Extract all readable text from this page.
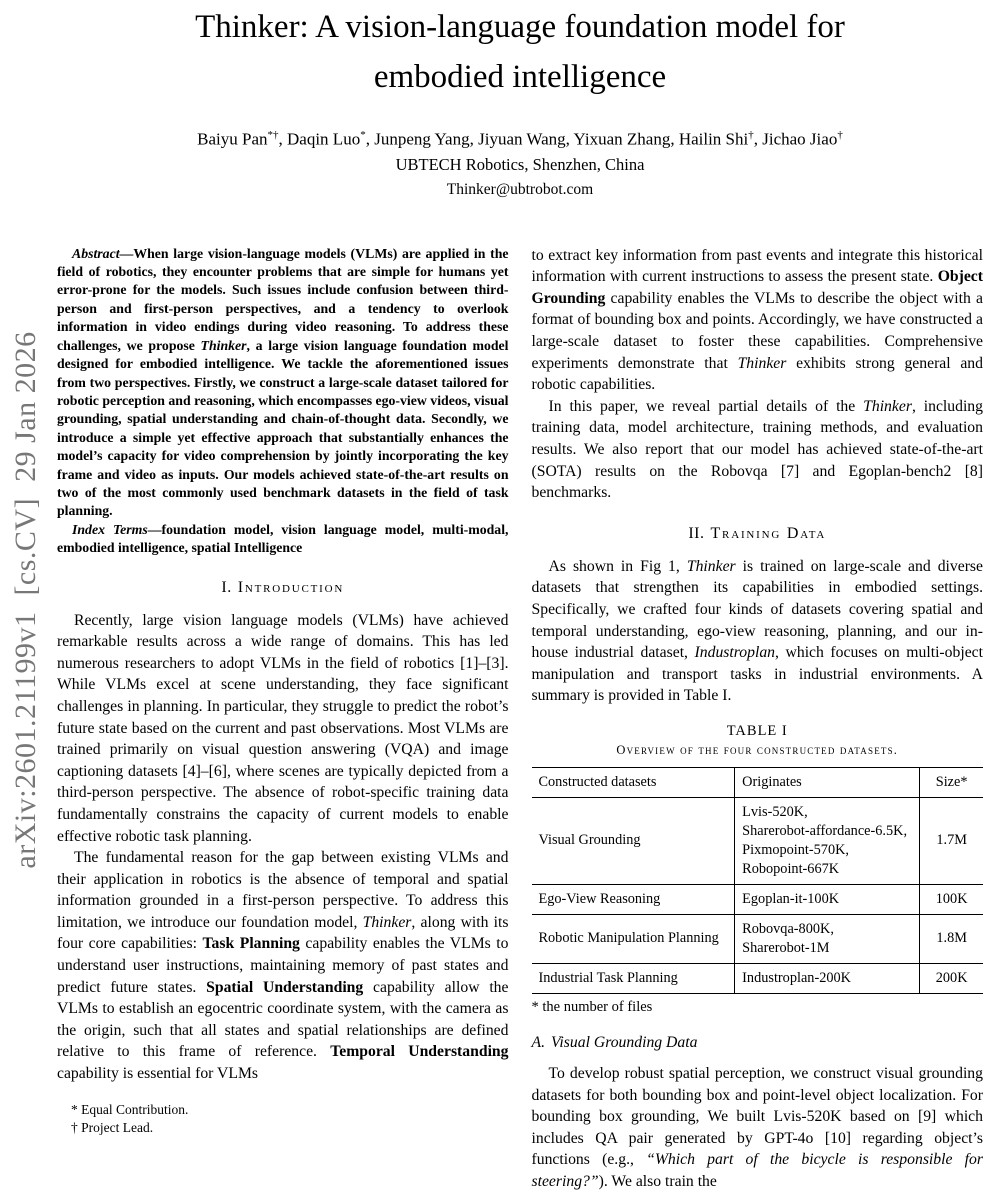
arXiv:2601.21199v1  [cs.CV]  29 Jan 2026
Thinker: A vision-language foundation model for
embodied intelligence
Baiyu Pan*†, Daqin Luo*, Junpeng Yang, Jiyuan Wang, Yixuan Zhang, Hailin Shi†, Jichao Jiao†
UBTECH Robotics, Shenzhen, China
Thinker@ubtrobot.com

Abstract—When large vision-language models (VLMs) are applied in the field of robotics, they encounter problems that are simple for humans yet error-prone for the models. Such issues include confusion between third-person and first-person perspectives, and a tendency to overlook information in video endings during video reasoning. To address these challenges, we propose Thinker, a large vision language foundation model designed for embodied intelligence. We tackle the aforementioned issues from two perspectives. Firstly, we construct a large-scale dataset tailored for robotic perception and reasoning, which encompasses ego-view videos, visual grounding, spatial understanding and chain-of-thought data. Secondly, we introduce a simple yet effective approach that substantially enhances the model’s capacity for video comprehension by jointly incorporating the key frame and video as inputs. Our models achieved state-of-the-art results on two of the most commonly used benchmark datasets in the field of task planning.

Index Terms—foundation model, vision language model, multi-modal, embodied intelligence, spatial Intelligence

I. Introduction

Recently, large vision language models (VLMs) have achieved remarkable results across a wide range of domains. This has led numerous researchers to adopt VLMs in the field of robotics [1]–[3]. While VLMs excel at scene understanding, they face significant challenges in planning. In particular, they struggle to predict the robot’s future state based on the current and past observations. Most VLMs are trained primarily on visual question answering (VQA) and image captioning datasets [4]–[6], where scenes are typically depicted from a third-person perspective. The absence of robot-specific training data fundamentally constrains the capacity of current models to enable effective robotic task planning.

The fundamental reason for the gap between existing VLMs and their application in robotics is the absence of temporal and spatial information grounded in a first-person perspective. To address this limitation, we introduce our foundation model, Thinker, along with its four core capabilities: Task Planning capability enables the VLMs to understand user instructions, maintaining memory of past states and predict future states. Spatial Understanding capability allow the VLMs to establish an egocentric coordinate system, with the camera as the origin, such that all states and spatial relationships are defined relative to this frame of reference. Temporal Understanding capability is essential for VLMs

* Equal Contribution.
† Project Lead.

to extract key information from past events and integrate this historical information with current instructions to assess the present state. Object Grounding capability enables the VLMs to describe the object with a format of bounding box and points. Accordingly, we have constructed a large-scale dataset to foster these capabilities. Comprehensive experiments demonstrate that Thinker exhibits strong general and robotic capabilities.

In this paper, we reveal partial details of the Thinker, including training data, model architecture, training methods, and evaluation results. We also report that our model has achieved state-of-the-art (SOTA) results on the Robovqa [7] and Egoplan-bench2 [8] benchmarks.

II. Training Data

As shown in Fig 1, Thinker is trained on large-scale and diverse datasets that strengthen its capabilities in embodied settings. Specifically, we crafted four kinds of datasets covering spatial and temporal understanding, ego-view reasoning, planning, and our in-house industrial dataset, Industroplan, which focuses on multi-object manipulation and transport tasks in industrial environments. A summary is provided in Table I.

TABLE I
Overview of the four constructed datasets.
Constructed datasets	Originates	Size*
Visual Grounding	Lvis-520K,
Sharerobot-affordance-6.5K,
Pixmopoint-570K,
Robopoint-667K	1.7M
Ego-View Reasoning	Egoplan-it-100K	100K
Robotic Manipulation Planning	Robovqa-800K,
Sharerobot-1M	1.8M
Industrial Task Planning	Industroplan-200K	200K
* the number of files
A. Visual Grounding Data

To develop robust spatial perception, we construct visual grounding datasets for both bounding box and point-level object localization. For bounding box grounding, We built Lvis-520K based on [9] which includes QA pair generated by GPT-4o [10] regarding object’s functions (e.g., “Which part of the bicycle is responsible for steering?”). We also train the
